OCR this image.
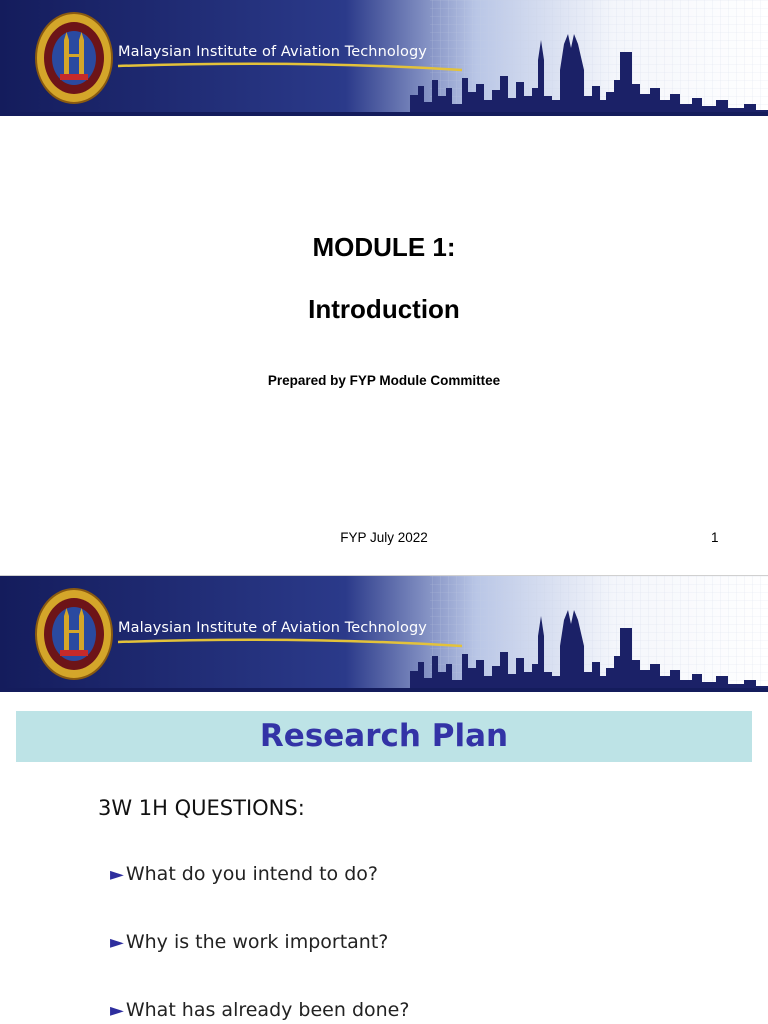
Malaysian Institute of Aviation Technology
MODULE 1:
Introduction
Prepared by FYP Module Committee
FYP July 2022	1
Malaysian Institute of Aviation Technology
Research Plan
3W 1H QUESTIONS:
► What do you intend to do?
► Why is the work important?
► What has already been done?
